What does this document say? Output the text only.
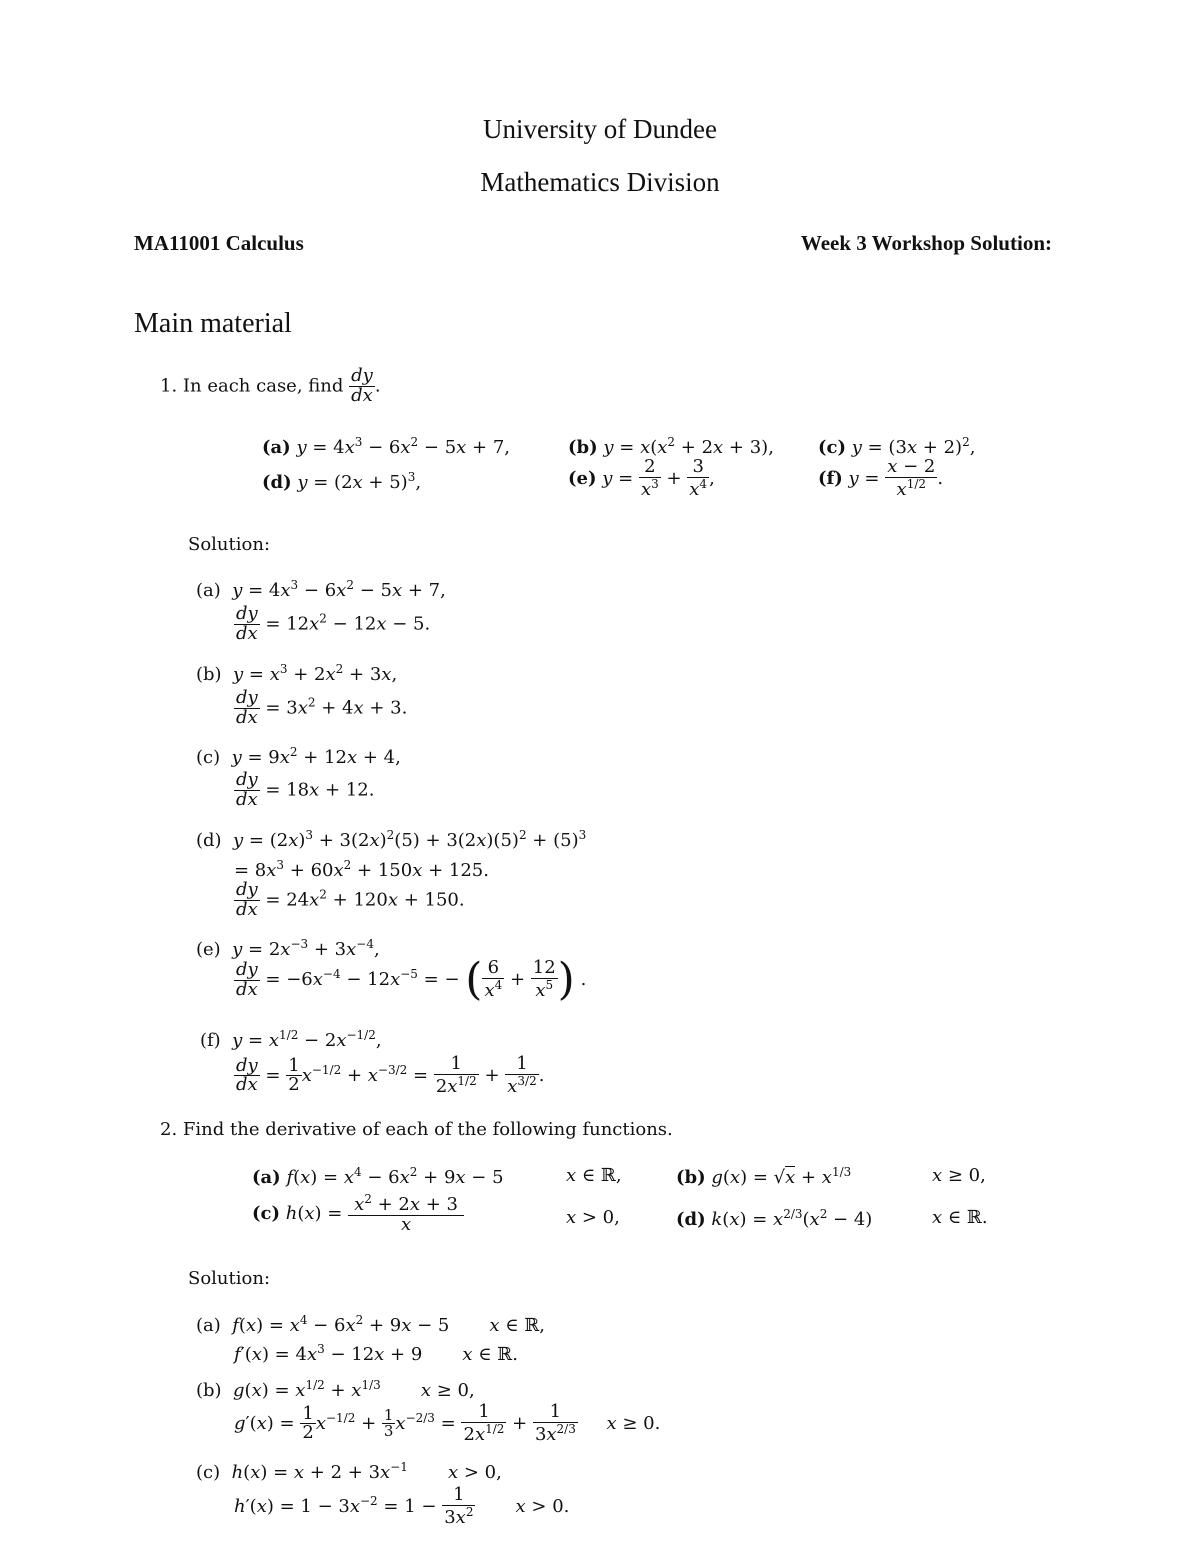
University of Dundee
Mathematics Division
MA11001 Calculus	Week 3 Workshop Solution:
Main material
1. In each case, find $\frac{dy}{dx}$ .
(a) $y = 4x^3 - 6x^2 - 5x + 7$,	(b) $y = x(x^2 + 2x + 3)$, (c) $y = (3x + 2)^2$,
(d) $y = (2x + 5)^3$,	(e) $y = \frac{2}{x^3} + \frac{3}{x^4}$ ,	(f) $y = \frac{x - 2}{x^{1/2}}$ .
Solution:
(a)  $y = 4x^3 - 6x^2 - 5x + 7$,
$\frac{dy}{dx} = 12x^2 - 12x - 5$.
(b)  $y = x^3 + 2x^2 + 3x$,
$\frac{dy}{dx} = 3x^2 + 4x + 3$.
(c)  $y = 9x^2 + 12x + 4$,
$\frac{dy}{dx} = 18x + 12$.
(d)  $y = (2x)^3 + 3(2x)^2(5) + 3(2x)(5)^2 + (5)^3$
= $8x^3 + 60x^2 + 150x + 125$.
$\frac{dy}{dx} = 24x^2 + 120x + 150$.
(e)  $y = 2x^{-3} + 3x^{-4}$,
$\frac{dy}{dx} = -6x^{-4} - 12x^{-5}$ = − ( $\frac{6}{x^4} + \frac{12}{x^5}$ ) .
(f)  $y = x^{1/2} - 2x^{-1/2}$,
$\frac{dy}{dx} = \frac{1}{2} x^{-1/2} + x^{-3/2} = \frac{1}{2x^{1/2}} + \frac{1}{x^{3/2}}$ .
2. Find the derivative of each of the following functions.
(a) $f(x) = x^4 - 6x^2 + 9x - 5$	x ∈ ℝ,	(b) $g(x) = √x + x^{1/3}$	x ≥ 0,
(c) $h(x) = \frac{x^2 + 2x + 3}{x}$	x > 0,	(d) $k(x) = x^{2/3}(x^2 - 4)$	x ∈ ℝ.
Solution:
(a)  $f(x) = x^4 - 6x^2 + 9x - 5$       x ∈ ℝ,
$f'(x) = 4x^3 - 12x + 9$       x ∈ ℝ.
(b)  $g(x) = x^{1/2} + x^{1/3}$ x ≥ 0,
$g'(x) = \frac{1}{2} x^{-1/2} + \frac{1}{3} x^{-2/3} = \frac{1}{2x^{1/2}} + \frac{1}{3x^{2/3}}$ x ≥ 0.
(c)  $h(x) = x + 2 + 3x^{-1}$ x > 0,
$h'(x) = 1 - 3x^{-2} = 1 - \frac{1}{3x^2}$ x > 0.
